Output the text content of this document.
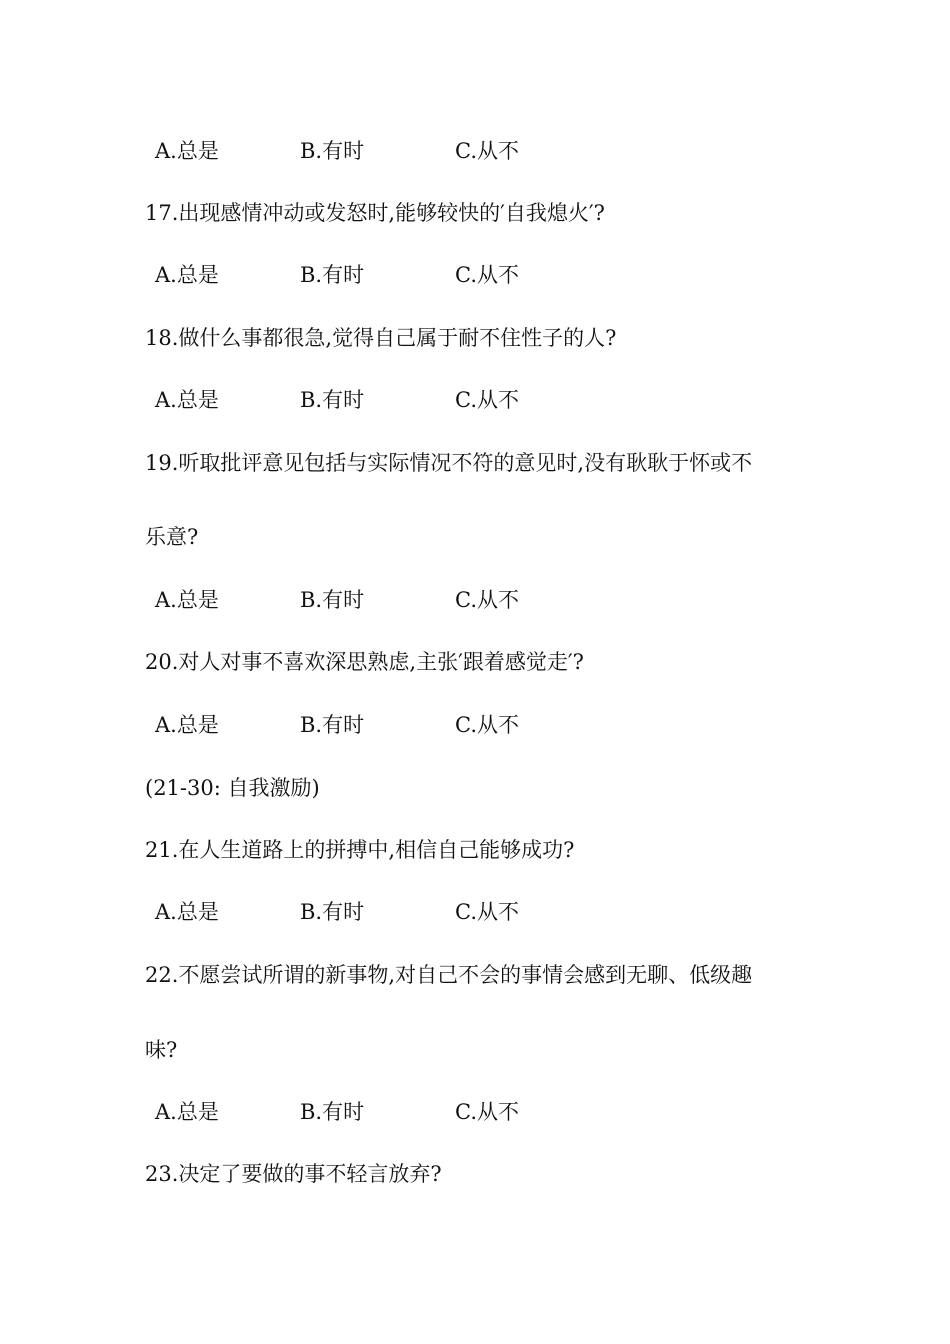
A.总是	B.有时	C.从不
17.出现感情冲动或发怒时,能够较快的′自我熄火′?
A.总是	B.有时	C.从不
18.做什么事都很急,觉得自己属于耐不住性子的人?
A.总是	B.有时	C.从不
19.听取批评意见包括与实际情况不符的意见时,没有耿耿于怀或不
乐意?
A.总是	B.有时	C.从不
20.对人对事不喜欢深思熟虑,主张′跟着感觉走′?
A.总是	B.有时	C.从不
(21-30: 自我激励)
21.在人生道路上的拼搏中,相信自己能够成功?
A.总是	B.有时	C.从不
22.不愿尝试所谓的新事物,对自己不会的事情会感到无聊、低级趣
味?
A.总是	B.有时	C.从不
23.决定了要做的事不轻言放弃?
